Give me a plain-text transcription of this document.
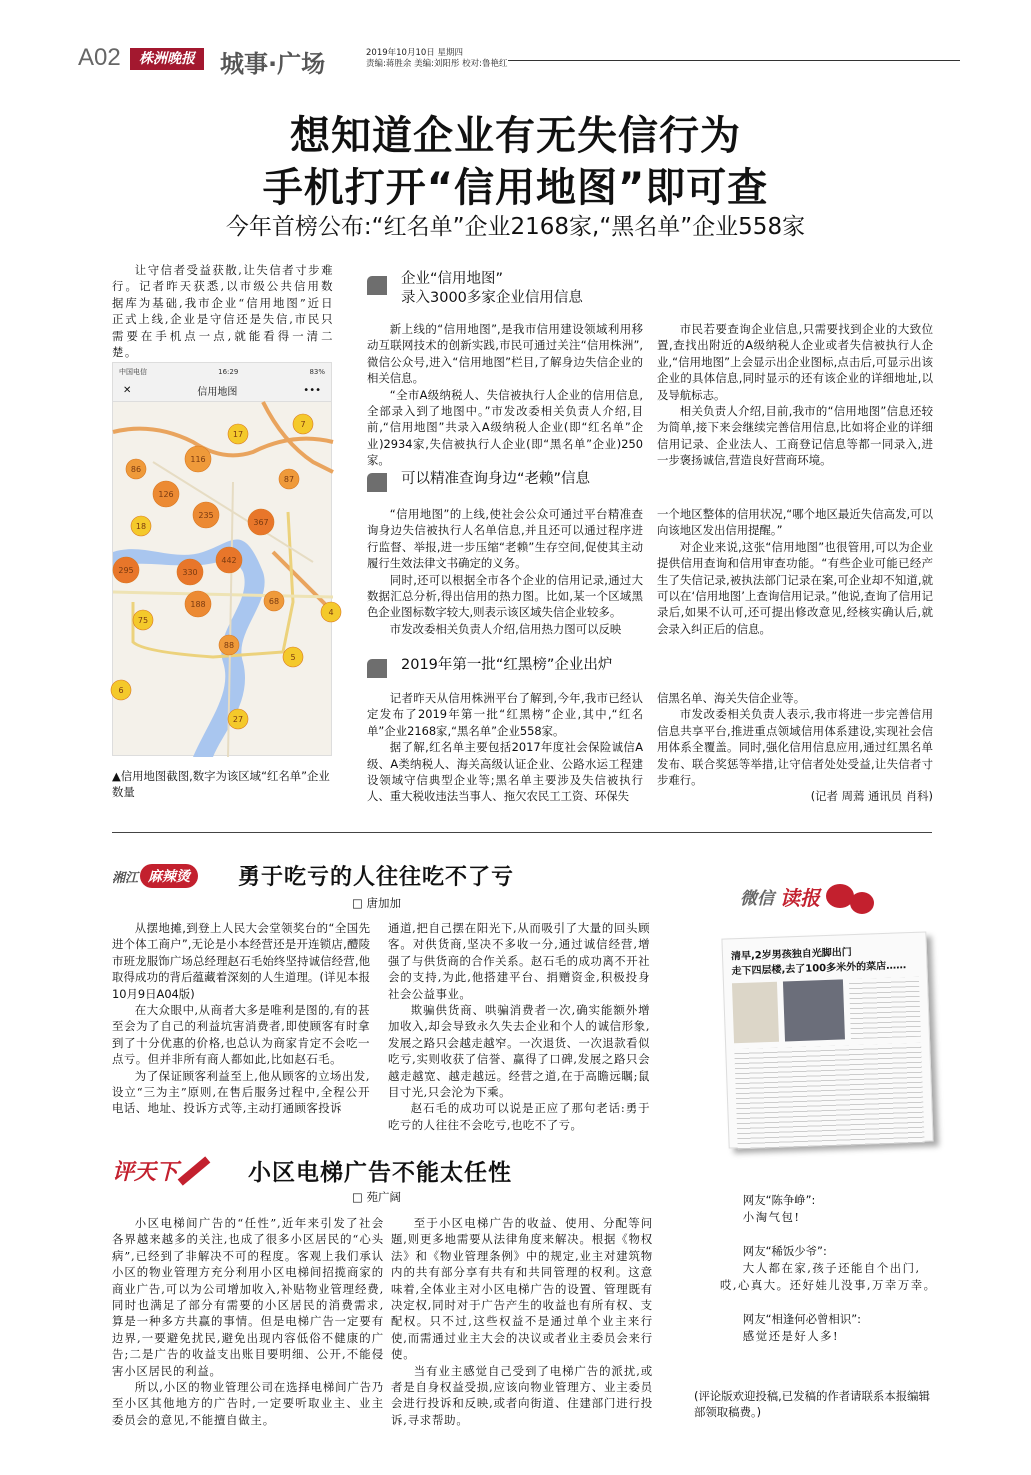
A02	株洲晚报	城事·广场	2019年10月10日 星期四
责编:蒋胜余 美编:刘阳彤 校对:鲁艳红
想知道企业有无失信行为
手机打开“信用地图”即可查
今年首榜公布:“红名单”企业2168家,“黑名单”企业558家

让守信者受益获散,让失信者寸步难行。记者昨天获悉,以市级公共信用数据库为基础,我市企业“信用地图”近日正式上线,企业是守信还是失信,市民只需要在手机点一点,就能看得一清二楚。

中国电信	16:29	83%
✕	信用地图	•••
7
17
116
86
87
126
235
18	367
442
295	330
188	68
75
4
88
5
6
27
▲信用地图截图,数字为该区域“红名单”企业数量
企业“信用地图”
录入3000多家企业信用信息

新上线的“信用地图”,是我市信用建设领域利用移动互联网技术的创新实践,市民可通过关注“信用株洲”,微信公众号,进入“信用地图”栏目,了解身边失信企业的相关信息。

“全市A级纳税人、失信被执行人企业的信用信息,全部录入到了地图中。”市发改委相关负责人介绍,目前,“信用地图”共录入A级纳税人企业(即“红名单”企业)2934家,失信被执行人企业(即“黑名单”企业)250家。

市民若要查询企业信息,只需要找到企业的大致位置,查找出附近的A级纳税人企业或者失信被执行人企业,“信用地图”上会显示出企业图标,点击后,可显示出该企业的具体信息,同时显示的还有该企业的详细地址,以及导航标志。

相关负责人介绍,目前,我市的“信用地图”信息还较为简单,接下来会继续完善信用信息,比如将企业的详细信用记录、企业法人、工商登记信息等都一同录入,进一步褒扬诚信,营造良好营商环境。

可以精准查询身边“老赖”信息

“信用地图”的上线,使社会公众可通过平台精准查询身边失信被执行人名单信息,并且还可以通过程序进行监督、举报,进一步压缩“老赖”生存空间,促使其主动履行生效法律文书确定的义务。

同时,还可以根据全市各个企业的信用记录,通过大数据汇总分析,得出信用的热力图。比如,某一个区域黑色企业图标数字较大,则表示该区域失信企业较多。

市发改委相关负责人介绍,信用热力图可以反映

一个地区整体的信用状况,“哪个地区最近失信高发,可以向该地区发出信用提醒。”

对企业来说,这张“信用地图”也很管用,可以为企业提供信用查询和信用审查功能。“有些企业可能已经产生了失信记录,被执法部门记录在案,可企业却不知道,就可以在‘信用地图’上查询信用记录。”他说,查询了信用记录后,如果不认可,还可提出修改意见,经核实确认后,就会录入纠正后的信息。

2019年第一批“红黑榜”企业出炉

记者昨天从信用株洲平台了解到,今年,我市已经认定发布了2019年第一批“红黑榜”企业,其中,“红名单”企业2168家,“黑名单”企业558家。

据了解,红名单主要包括2017年度社会保险诚信A级、A类纳税人、海关高级认证企业、公路水运工程建设领域守信典型企业等;黑名单主要涉及失信被执行人、重大税收违法当事人、拖欠农民工工资、环保失

信黑名单、海关失信企业等。

市发改委相关负责人表示,我市将进一步完善信用信息共享平台,推进重点领域信用体系建设,实现社会信用体系全覆盖。同时,强化信用信息应用,通过红黑名单发布、联合奖惩等举措,让守信者处处受益,让失信者寸步难行。

(记者 周蔫 通讯员 肖科)
湘江 麻辣烫	勇于吃亏的人往往吃不了亏
□ 唐加加

从摆地摊,到登上人民大会堂领奖台的“全国先进个体工商户”,无论是小本经营还是开连锁店,醴陵市班龙服饰广场总经理赵石毛始终坚持诚信经营,他取得成功的背后蕴藏着深刻的人生道理。(详见本报10月9日A04版)

在大众眼中,从商者大多是唯利是图的,有的甚至会为了自己的利益坑害消费者,即使顾客有时拿到了十分优惠的价格,也总认为商家肯定不会吃一点亏。但并非所有商人都如此,比如赵石毛。

为了保证顾客利益至上,他从顾客的立场出发,设立“三为主”原则,在售后服务过程中,全程公开电话、地址、投诉方式等,主动打通顾客投诉

通道,把自己摆在阳光下,从而吸引了大量的回头顾客。对供货商,坚决不多收一分,通过诚信经营,增强了与供货商的合作关系。赵石毛的成功离不开社会的支持,为此,他搭建平台、捐赠资金,积极投身社会公益事业。

欺骗供货商、哄骗消费者一次,确实能额外增加收入,却会导致永久失去企业和个人的诚信形象,发展之路只会越走越窄。一次退货、一次退款看似吃亏,实则收获了信誉、赢得了口碑,发展之路只会越走越宽、越走越远。经营之道,在于高瞻远瞩;鼠目寸光,只会沦为下乘。

赵石毛的成功可以说是正应了那句老话:勇于吃亏的人往往不会吃亏,也吃不了亏。

微信 读报
清早,2岁男孩独自光脚出门
走下四层楼,去了100多米外的菜店……
评天下	小区电梯广告不能太任性
□ 苑广阔

小区电梯间广告的“任性”,近年来引发了社会各界越来越多的关注,也成了很多小区居民的“心头病”,已经到了非解决不可的程度。客观上我们承认小区的物业管理方充分利用小区电梯间招揽商家的商业广告,可以为公司增加收入,补贴物业管理经费,同时也满足了部分有需要的小区居民的消费需求,算是一种多方共赢的事情。但是电梯广告一定要有边界,一要避免扰民,避免出现内容低俗不健康的广告;二是广告的收益支出账目要明细、公开,不能侵害小区居民的利益。

所以,小区的物业管理公司在选择电梯间广告乃至小区其他地方的广告时,一定要听取业主、业主委员会的意见,不能擅自做主。

至于小区电梯广告的收益、使用、分配等问题,则更多地需要从法律角度来解决。根据《物权法》和《物业管理条例》中的规定,业主对建筑物内的共有部分享有共有和共同管理的权利。这意味着,全体业主对小区电梯广告的设置、管理既有决定权,同时对于广告产生的收益也有所有权、支配权。只不过,这些权益不是通过单个业主来行使,而需通过业主大会的决议或者业主委员会来行使。

当有业主感觉自己受到了电梯广告的派扰,或者是自身权益受损,应该向物业管理方、业主委员会进行投诉和反映,或者向街道、住建部门进行投诉,寻求帮助。

网友“陈争峥”:
小淘气包!
网友“稀饭少爷”:
大人都在家,孩子还能自个出门,哎,心真大。还好娃儿没事,万幸万幸。
网友“相逢何必曾相识”:
感觉还是好人多!
(评论版欢迎投稿,已发稿的作者请联系本报编辑部领取稿费。)
